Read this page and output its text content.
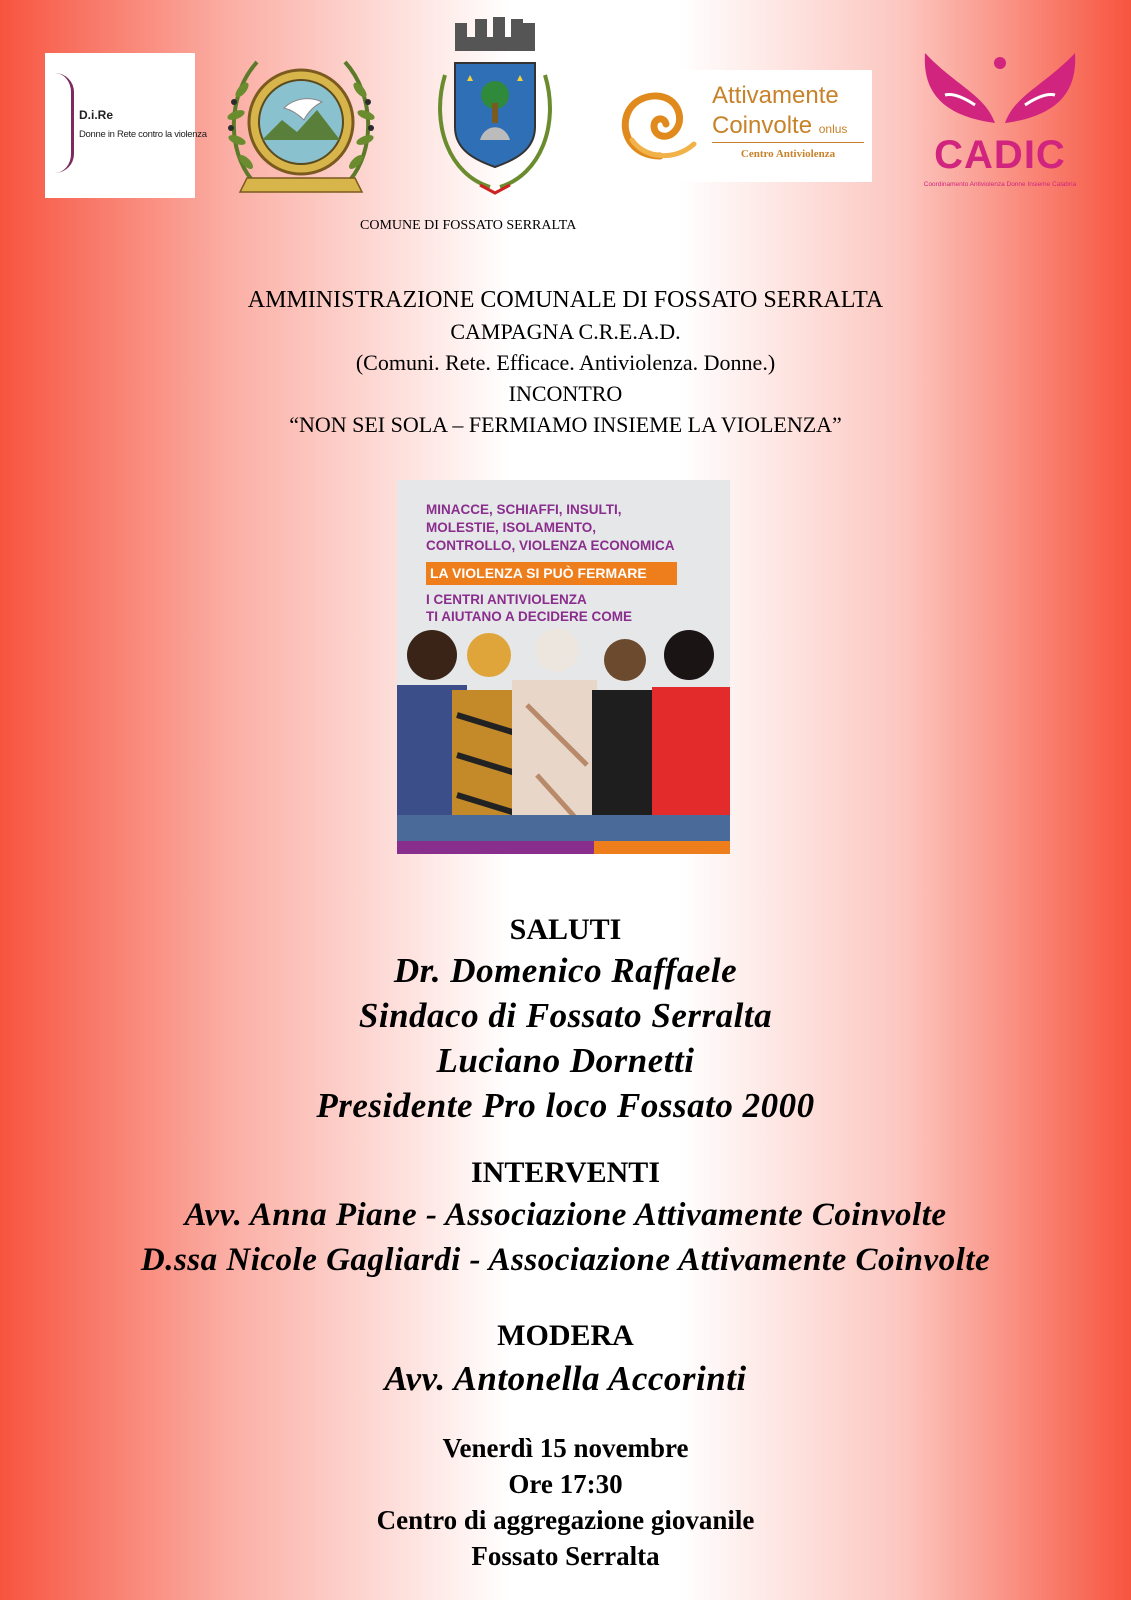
D.i.Re
Donne in Rete contro la violenza
Attivamente
Coinvolte onlus
Centro Antiviolenza	CADIC
Coordinamento Antiviolenza Donne Insieme Calabria
COMUNE DI FOSSATO SERRALTA
AMMINISTRAZIONE COMUNALE DI FOSSATO SERRALTA
CAMPAGNA C.R.E.A.D.
(Comuni. Rete. Efficace. Antiviolenza. Donne.)
INCONTRO
“NON SEI SOLA – FERMIAMO INSIEME LA VIOLENZA”
MINACCE, SCHIAFFI, INSULTI,
MOLESTIE, ISOLAMENTO,
CONTROLLO, VIOLENZA ECONOMICA
LA VIOLENZA SI PUÒ FERMARE
I CENTRI ANTIVIOLENZA
TI AIUTANO A DECIDERE COME
SALUTI
Dr. Domenico Raffaele
Sindaco di Fossato Serralta
Luciano Dornetti
Presidente Pro loco Fossato 2000
INTERVENTI
Avv. Anna Piane - Associazione Attivamente Coinvolte
D.ssa Nicole Gagliardi - Associazione Attivamente Coinvolte
MODERA
Avv. Antonella Accorinti
Venerdì 15 novembre
Ore 17:30
Centro di aggregazione giovanile
Fossato Serralta
